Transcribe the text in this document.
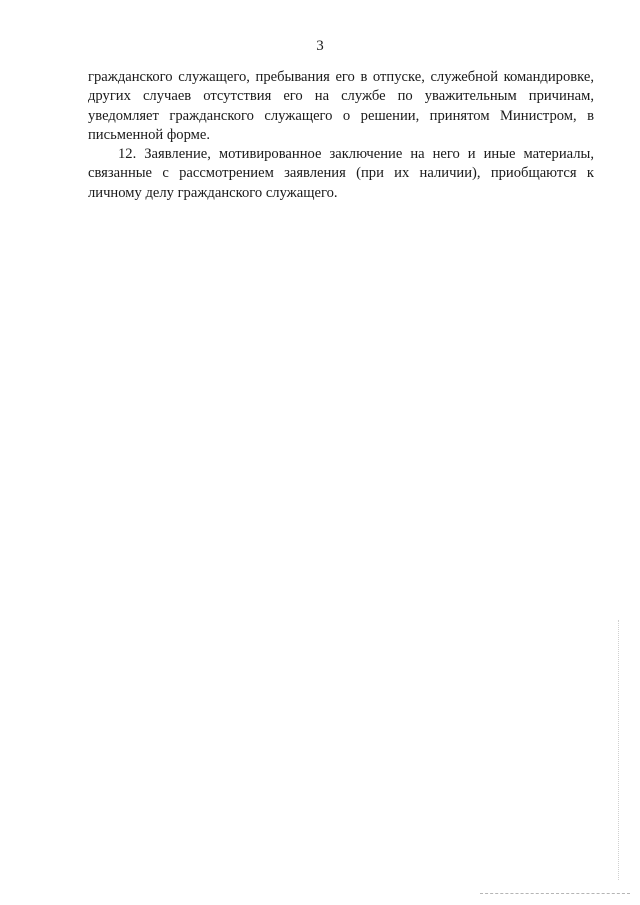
3

гражданского служащего, пребывания его в отпуске, служебной командировке, других случаев отсутствия его на службе по уважительным причинам, уведомляет гражданского служащего о решении, принятом Министром, в письменной форме.

12. Заявление, мотивированное заключение на него и иные материалы, связанные с рассмотрением заявления (при их наличии), приобщаются к личному делу гражданского служащего.
